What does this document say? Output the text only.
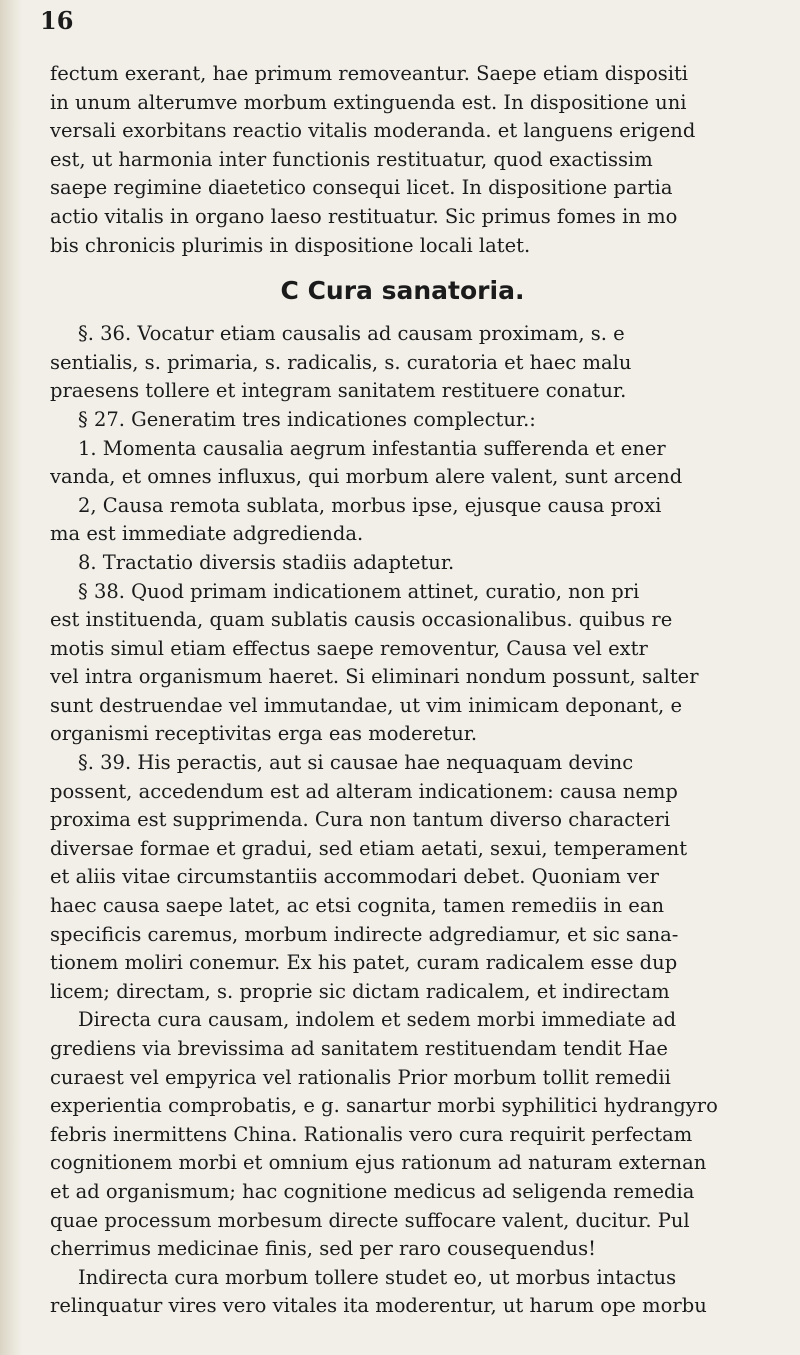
16
fectum exerant, hae primum removeantur. Saepe etiam dispositi
in unum alterumve morbum extinguenda est. In dispositione uni
versali exorbitans reactio vitalis moderanda. et languens erigend
est, ut harmonia inter functionis restituatur, quod exactissim
saepe regimine diaetetico consequi licet. In dispositione partia
actio vitalis in organo laeso restituatur. Sic primus fomes in mo
bis chronicis plurimis in dispositione locali latet.
C Cura sanatoria.
§. 36. Vocatur etiam causalis ad causam proximam, s. e
sentialis, s. primaria, s. radicalis, s. curatoria et haec malu
praesens tollere et integram sanitatem restituere conatur.
§ 27. Generatim tres indicationes complectur.:
1. Momenta causalia aegrum infestantia sufferenda et ener
vanda, et omnes influxus, qui morbum alere valent, sunt arcend
2, Causa remota sublata, morbus ipse, ejusque causa proxi
ma est immediate adgredienda.
8. Tractatio diversis stadiis adaptetur.
§ 38. Quod primam indicationem attinet, curatio, non pri
est instituenda, quam sublatis causis occasionalibus. quibus re
motis simul etiam effectus saepe removentur, Causa vel extr
vel intra organismum haeret. Si eliminari nondum possunt, salter
sunt destruendae vel immutandae, ut vim inimicam deponant, e
organismi receptivitas erga eas moderetur.
§. 39. His peractis, aut si causae hae nequaquam devinc
possent, accedendum est ad alteram indicationem: causa nemp
proxima est supprimenda. Cura non tantum diverso characteri
diversae formae et gradui, sed etiam aetati, sexui, temperament
et aliis vitae circumstantiis accommodari debet. Quoniam ver
haec causa saepe latet, ac etsi cognita, tamen remediis in ean
specificis caremus, morbum indirecte adgrediamur, et sic sana-
tionem moliri conemur. Ex his patet, curam radicalem esse dup
licem; directam, s. proprie sic dictam radicalem, et indirectam
Directa cura causam, indolem et sedem morbi immediate ad
grediens via brevissima ad sanitatem restituendam tendit Hae
curaest vel empyrica vel rationalis Prior morbum tollit remedii
experientia comprobatis, e g. sanartur morbi syphilitici hydrangyro
febris inermittens China. Rationalis vero cura requirit perfectam
cognitionem morbi et omnium ejus rationum ad naturam externan
et ad organismum; hac cognitione medicus ad seligenda remedia
quae processum morbesum directe suffocare valent, ducitur. Pul
cherrimus medicinae finis, sed per raro cousequendus!
Indirecta cura morbum tollere studet eo, ut morbus intactus
relinquatur vires vero vitales ita moderentur, ut harum ope morbu
